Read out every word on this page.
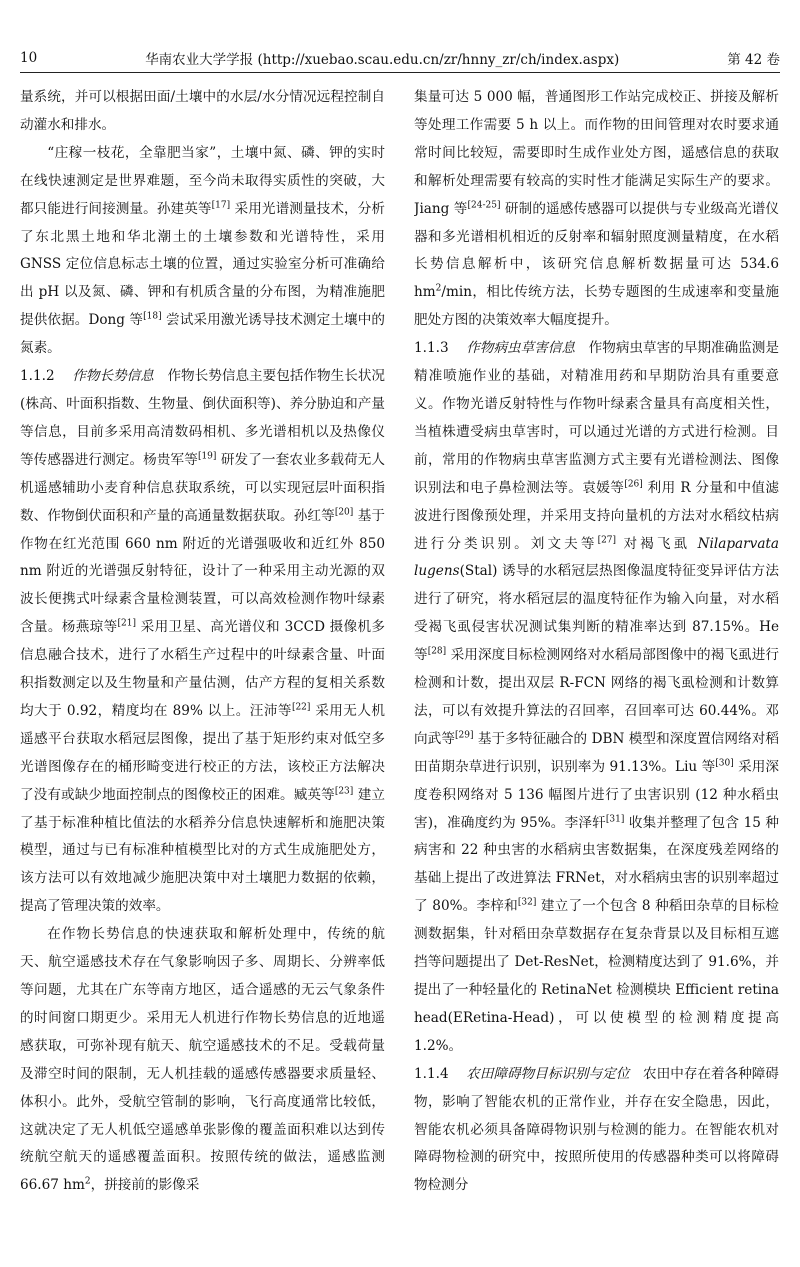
10	华南农业大学学报 (http://xuebao.scau.edu.cn/zr/hnny_zr/ch/index.aspx)	第 42 卷

量系统，并可以根据田面/土壤中的水层/水分情况远程控制自动灌水和排水。

“庄稼一枝花，全靠肥当家”，土壤中氮、磷、钾的实时在线快速测定是世界难题，至今尚未取得实质性的突破，大都只能进行间接测量。孙建英等[17] 采用光谱测量技术，分析了东北黑土地和华北潮土的土壤参数和光谱特性，采用 GNSS 定位信息标志土壤的位置，通过实验室分析可准确给出 pH 以及氮、磷、钾和有机质含量的分布图，为精准施肥提供依据。Dong 等[18] 尝试采用激光诱导技术测定土壤中的氮素。

1.1.2 作物长势信息 作物长势信息主要包括作物生长状况 (株高、叶面积指数、生物量、倒伏面积等)、养分胁迫和产量等信息，目前多采用高清数码相机、多光谱相机以及热像仪等传感器进行测定。杨贵军等[19] 研发了一套农业多载荷无人机遥感辅助小麦育种信息获取系统，可以实现冠层叶面积指数、作物倒伏面积和产量的高通量数据获取。孙红等[20] 基于作物在红光范围 660 nm 附近的光谱强吸收和近红外 850 nm 附近的光谱强反射特征，设计了一种采用主动光源的双波长便携式叶绿素含量检测装置，可以高效检测作物叶绿素含量。杨燕琼等[21] 采用卫星、高光谱仪和 3CCD 摄像机多信息融合技术，进行了水稻生产过程中的叶绿素含量、叶面积指数测定以及生物量和产量估测，估产方程的复相关系数均大于 0.92，精度均在 89% 以上。汪沛等[22] 采用无人机遥感平台获取水稻冠层图像，提出了基于矩形约束对低空多光谱图像存在的桶形畸变进行校正的方法，该校正方法解决了没有或缺少地面控制点的图像校正的困难。臧英等[23] 建立了基于标准种植比值法的水稻养分信息快速解析和施肥决策模型，通过与已有标准种植模型比对的方式生成施肥处方，该方法可以有效地减少施肥决策中对土壤肥力数据的依赖，提高了管理决策的效率。

在作物长势信息的快速获取和解析处理中，传统的航天、航空遥感技术存在气象影响因子多、周期长、分辨率低等问题，尤其在广东等南方地区，适合遥感的无云气象条件的时间窗口期更少。采用无人机进行作物长势信息的近地遥感获取，可弥补现有航天、航空遥感技术的不足。受载荷量及滞空时间的限制，无人机挂载的遥感传感器要求质量轻、体积小。此外，受航空管制的影响，飞行高度通常比较低，这就决定了无人机低空遥感单张影像的覆盖面积难以达到传统航空航天的遥感覆盖面积。按照传统的做法，遥感监测 66.67 $hm^2$，拼接前的影像采

集量可达 5 000 幅，普通图形工作站完成校正、拼接及解析等处理工作需要 5 h 以上。而作物的田间管理对农时要求通常时间比较短，需要即时生成作业处方图，遥感信息的获取和解析处理需要有较高的实时性才能满足实际生产的要求。Jiang 等[24-25] 研制的遥感传感器可以提供与专业级高光谱仪器和多光谱相机相近的反射率和辐射照度测量精度，在水稻长势信息解析中，该研究信息解析数据量可达 534.6 $hm^2/\min$，相比传统方法，长势专题图的生成速率和变量施肥处方图的决策效率大幅度提升。

1.1.3 作物病虫草害信息 作物病虫草害的早期准确监测是精准喷施作业的基础，对精准用药和早期防治具有重要意义。作物光谱反射特性与作物叶绿素含量具有高度相关性，当植株遭受病虫草害时，可以通过光谱的方式进行检测。目前，常用的作物病虫草害监测方式主要有光谱检测法、图像识别法和电子鼻检测法等。袁媛等[26] 利用 R 分量和中值滤波进行图像预处理，并采用支持向量机的方法对水稻纹枯病进行分类识别。刘文夫等[27] 对褐飞虱 Nilaparvata lugens(Stal) 诱导的水稻冠层热图像温度特征变异评估方法进行了研究，将水稻冠层的温度特征作为输入向量，对水稻受褐飞虱侵害状况测试集判断的精准率达到 87.15%。He 等[28] 采用深度目标检测网络对水稻局部图像中的褐飞虱进行检测和计数，提出双层 R-FCN 网络的褐飞虱检测和计数算法，可以有效提升算法的召回率，召回率可达 60.44%。邓向武等[29] 基于多特征融合的 DBN 模型和深度置信网络对稻田苗期杂草进行识别，识别率为 91.13%。Liu 等[30] 采用深度卷积网络对 5 136 幅图片进行了虫害识别 (12 种水稻虫害)，准确度约为 95%。李泽轩[31] 收集并整理了包含 15 种病害和 22 种虫害的水稻病虫害数据集，在深度残差网络的基础上提出了改进算法 FRNet，对水稻病虫害的识别率超过了 80%。李梓和[32] 建立了一个包含 8 种稻田杂草的目标检测数据集，针对稻田杂草数据存在复杂背景以及目标相互遮挡等问题提出了 Det-ResNet，检测精度达到了 91.6%，并提出了一种轻量化的 RetinaNet 检测模块 Efficient retina head(ERetina-Head)，可以使模型的检测精度提高 1.2%。

1.1.4 农田障碍物目标识别与定位 农田中存在着各种障碍物，影响了智能农机的正常作业，并存在安全隐患，因此，智能农机必须具备障碍物识别与检测的能力。在智能农机对障碍物检测的研究中，按照所使用的传感器种类可以将障碍物检测分
